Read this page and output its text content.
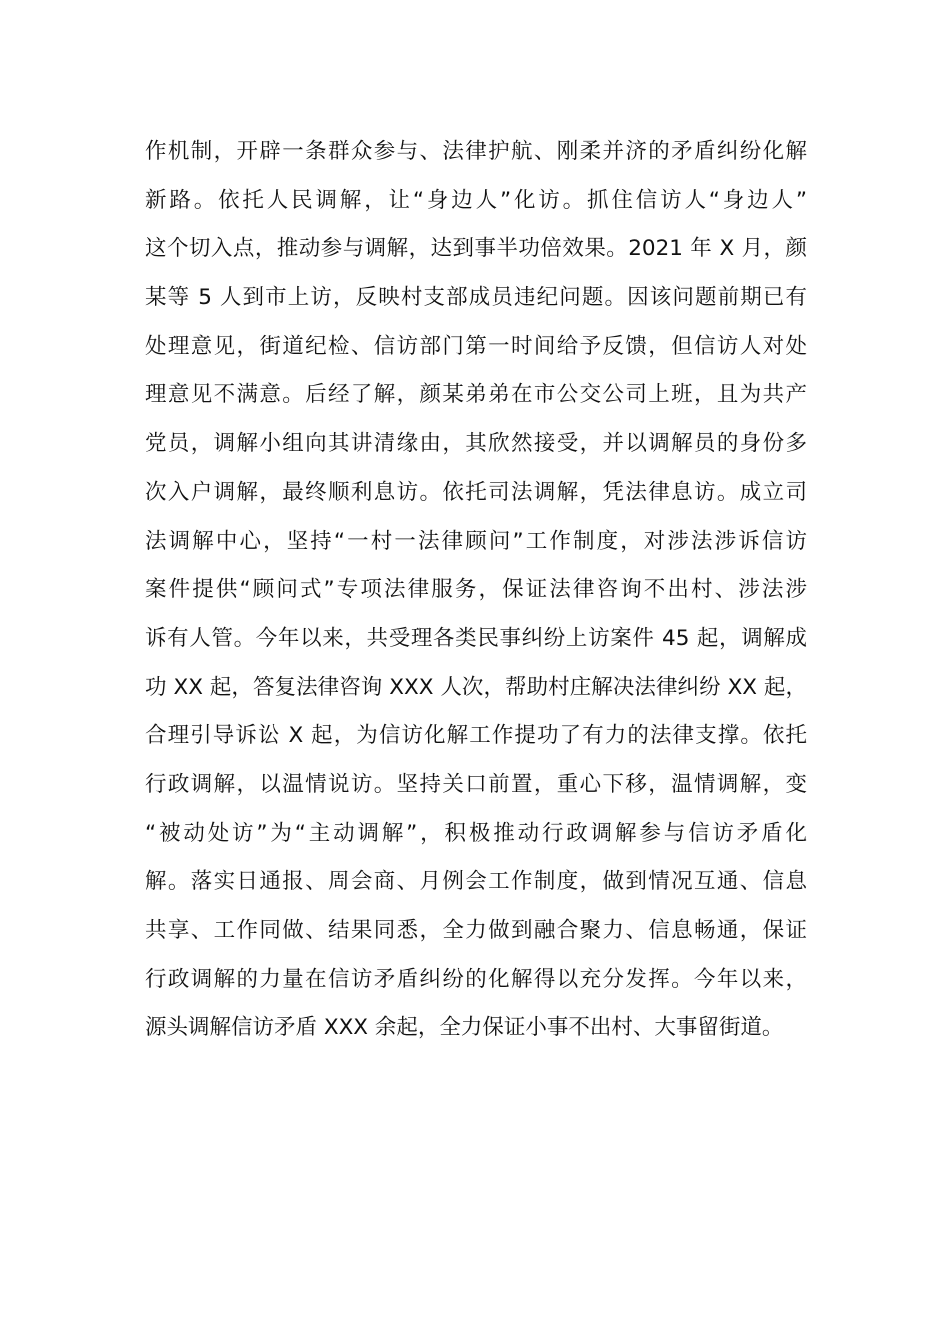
作机制，开辟一条群众参与、法律护航、刚柔并济的矛盾纠纷化解
新路。依托人民调解，让“身边人”化访。抓住信访人“身边人”
这个切入点，推动参与调解，达到事半功倍效果。2021 年 X 月，颜
某等 5 人到市上访，反映村支部成员违纪问题。因该问题前期已有
处理意见，街道纪检、信访部门第一时间给予反馈，但信访人对处
理意见不满意。后经了解，颜某弟弟在市公交公司上班，且为共产
党员，调解小组向其讲清缘由，其欣然接受，并以调解员的身份多
次入户调解，最终顺利息访。依托司法调解，凭法律息访。成立司
法调解中心，坚持“一村一法律顾问”工作制度，对涉法涉诉信访
案件提供“顾问式”专项法律服务，保证法律咨询不出村、涉法涉
诉有人管。今年以来，共受理各类民事纠纷上访案件 45 起，调解成
功 XX 起，答复法律咨询 XXX 人次，帮助村庄解决法律纠纷 XX 起，
合理引导诉讼 X 起，为信访化解工作提功了有力的法律支撑。依托
行政调解，以温情说访。坚持关口前置，重心下移，温情调解，变
“被动处访”为“主动调解”，积极推动行政调解参与信访矛盾化
解。落实日通报、周会商、月例会工作制度，做到情况互通、信息
共享、工作同做、结果同悉，全力做到融合聚力、信息畅通，保证
行政调解的力量在信访矛盾纠纷的化解得以充分发挥。今年以来，
源头调解信访矛盾 XXX 余起，全力保证小事不出村、大事留街道。
